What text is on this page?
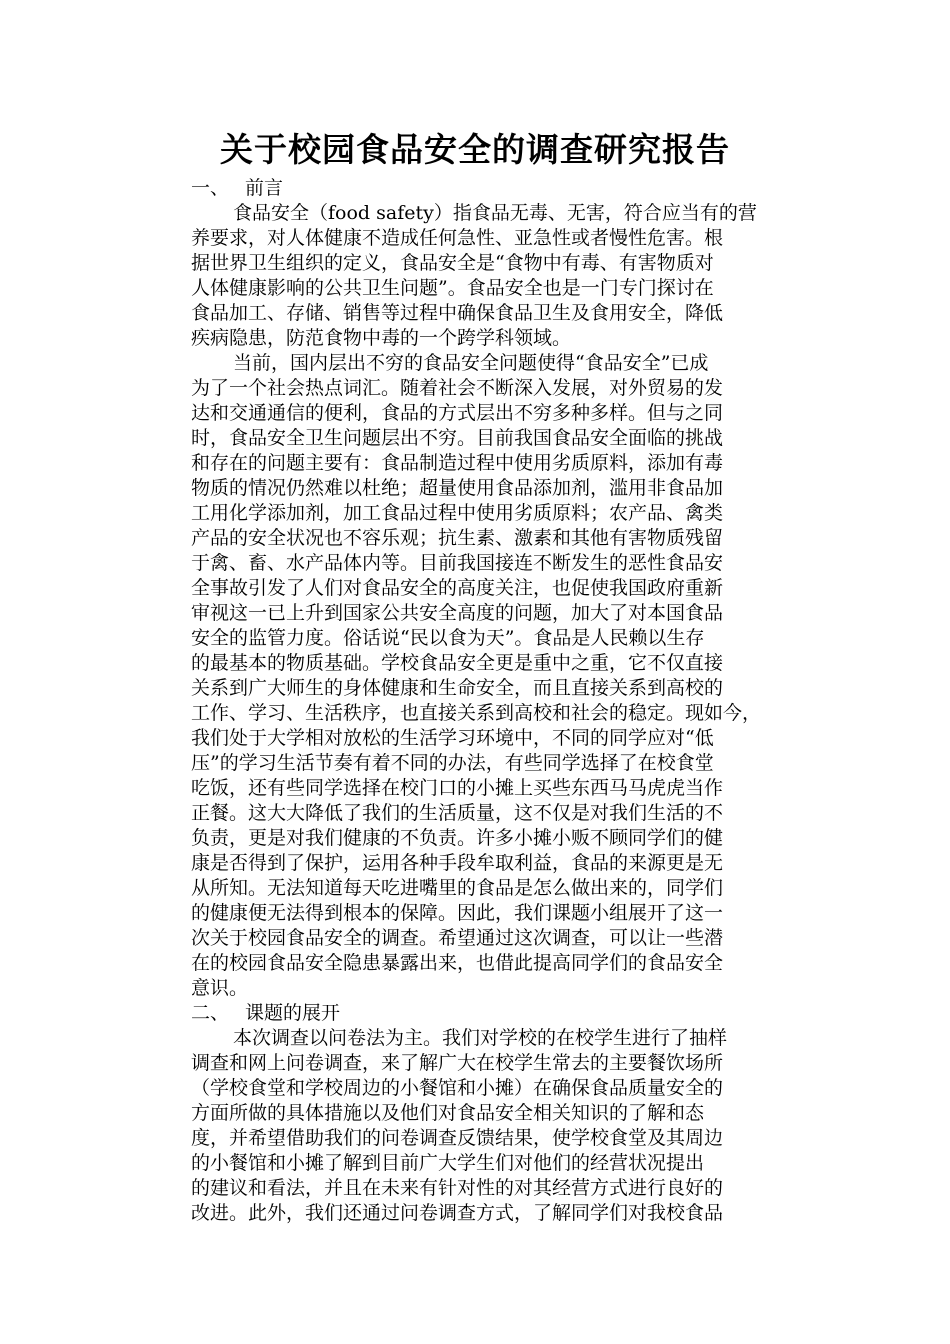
关于校园食品安全的调查研究报告
一、 前言
食品安全（food safety）指食品无毒、无害，符合应当有的营
养要求，对人体健康不造成任何急性、亚急性或者慢性危害。根
据世界卫生组织的定义，食品安全是“食物中有毒、有害物质对
人体健康影响的公共卫生问题”。食品安全也是一门专门探讨在
食品加工、存储、销售等过程中确保食品卫生及食用安全，降低
疾病隐患，防范食物中毒的一个跨学科领域。
当前，国内层出不穷的食品安全问题使得“食品安全”已成
为了一个社会热点词汇。随着社会不断深入发展，对外贸易的发
达和交通通信的便利，食品的方式层出不穷多种多样。但与之同
时，食品安全卫生问题层出不穷。目前我国食品安全面临的挑战
和存在的问题主要有：食品制造过程中使用劣质原料，添加有毒
物质的情况仍然难以杜绝；超量使用食品添加剂，滥用非食品加
工用化学添加剂，加工食品过程中使用劣质原料；农产品、禽类
产品的安全状况也不容乐观；抗生素、激素和其他有害物质残留
于禽、畜、水产品体内等。目前我国接连不断发生的恶性食品安
全事故引发了人们对食品安全的高度关注，也促使我国政府重新
审视这一已上升到国家公共安全高度的问题，加大了对本国食品
安全的监管力度。俗话说“民以食为天”。食品是人民赖以生存
的最基本的物质基础。学校食品安全更是重中之重，它不仅直接
关系到广大师生的身体健康和生命安全，而且直接关系到高校的
工作、学习、生活秩序，也直接关系到高校和社会的稳定。现如今，
我们处于大学相对放松的生活学习环境中，不同的同学应对“低
压”的学习生活节奏有着不同的办法，有些同学选择了在校食堂
吃饭，还有些同学选择在校门口的小摊上买些东西马马虎虎当作
正餐。这大大降低了我们的生活质量，这不仅是对我们生活的不
负责，更是对我们健康的不负责。许多小摊小贩不顾同学们的健
康是否得到了保护，运用各种手段牟取利益，食品的来源更是无
从所知。无法知道每天吃进嘴里的食品是怎么做出来的，同学们
的健康便无法得到根本的保障。因此，我们课题小组展开了这一
次关于校园食品安全的调查。希望通过这次调查，可以让一些潜
在的校园食品安全隐患暴露出来，也借此提高同学们的食品安全
意识。
二、 课题的展开
本次调查以问卷法为主。我们对学校的在校学生进行了抽样
调查和网上问卷调查，来了解广大在校学生常去的主要餐饮场所
（学校食堂和学校周边的小餐馆和小摊）在确保食品质量安全的
方面所做的具体措施以及他们对食品安全相关知识的了解和态
度，并希望借助我们的问卷调查反馈结果，使学校食堂及其周边
的小餐馆和小摊了解到目前广大学生们对他们的经营状况提出
的建议和看法，并且在未来有针对性的对其经营方式进行良好的
改进。此外，我们还通过问卷调查方式，了解同学们对我校食品
